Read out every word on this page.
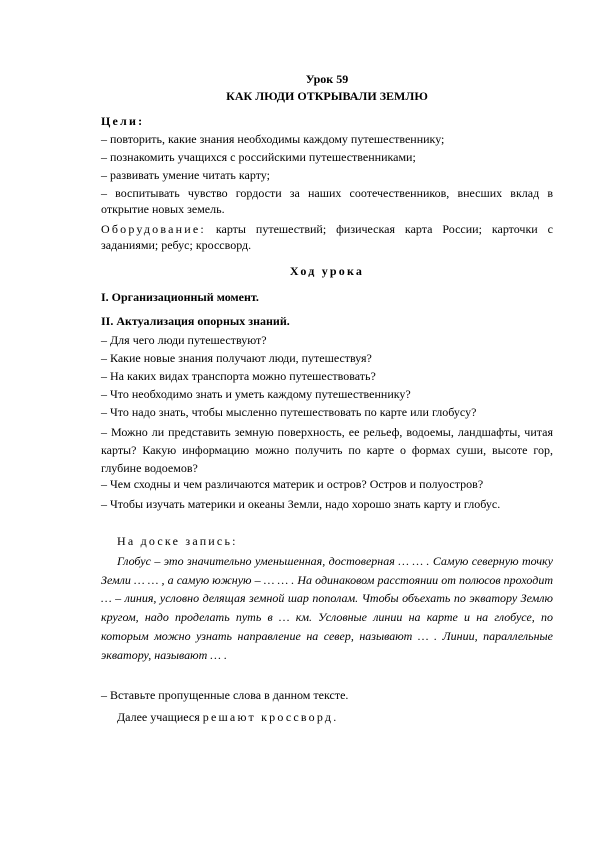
Урок 59

КАК ЛЮДИ ОТКРЫВАЛИ ЗЕМЛЮ

Цели:

– повторить, какие знания необходимы каждому путешественнику;

– познакомить учащихся с российскими путешественниками;

– развивать умение читать карту;

– воспитывать чувство гордости за наших соотечественников, внесших вклад в открытие новых земель.

Оборудование: карты путешествий; физическая карта России; карточки с заданиями; ребус; кроссворд.

Ход урока

I. Организационный момент.

II. Актуализация опорных знаний.

– Для чего люди путешествуют?

– Какие новые знания получают люди, путешествуя?

– На каких видах транспорта можно путешествовать?

– Что необходимо знать и уметь каждому путешественнику?

– Что надо знать, чтобы мысленно путешествовать по карте или глобусу?

– Можно ли представить земную поверхность, ее рельеф, водоемы, ландшафты, читая карты? Какую информацию можно получить по карте о формах суши, высоте гор, глубине водоемов?

– Чем сходны и чем различаются материк и остров? Остров и полуостров?

– Чтобы изучать материки и океаны Земли, надо хорошо знать карту и глобус.

На доске запись:

Глобус – это значительно уменьшенная, достоверная … … . Самую северную точку Земли … … , а самую южную – … … . На одинаковом расстоянии от полюсов проходит … – линия, условно делящая земной шар пополам. Чтобы объехать по экватору Землю кругом, надо проделать путь в … км. Условные линии на карте и на глобусе, по которым можно узнать направление на север, называют … . Линии, параллельные экватору, называют … .

– Вставьте пропущенные слова в данном тексте.

Далее учащиеся решают кроссворд.
